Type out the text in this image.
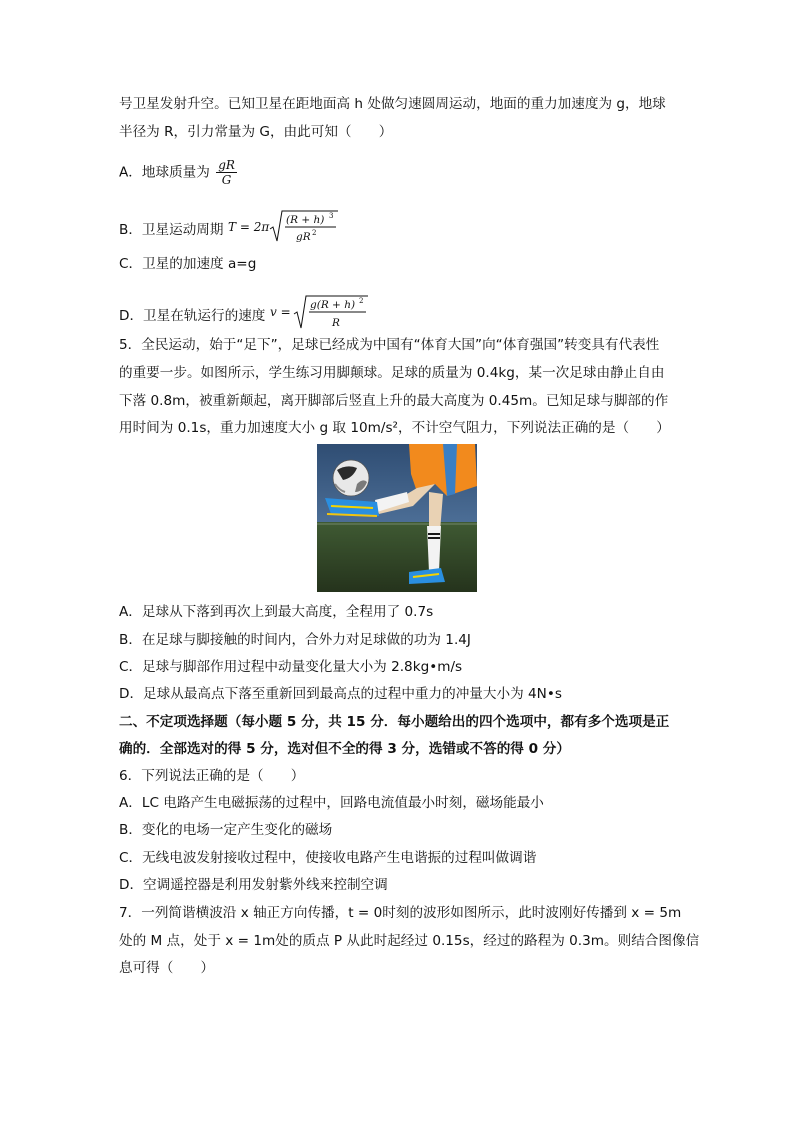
号卫星发射升空。已知卫星在距地面高 h 处做匀速圆周运动，地面的重力加速度为 g，地球
半径为 R，引力常量为 G，由此可知（　　）
A．地球质量为 $\frac{gR}{G}$
B．卫星运动周期 T = 2π (R + h) 3
gR 2
C．卫星的加速度 a=g
D．卫星在轨运行的速度 v = g(R + h) 2
R
5．全民运动，始于“足下”，足球已经成为中国有“体育大国”向“体育强国”转变具有代表性
的重要一步。如图所示，学生练习用脚颠球。足球的质量为 0.4kg，某一次足球由静止自由
下落 0.8m，被重新颠起，离开脚部后竖直上升的最大高度为 0.45m。已知足球与脚部的作
用时间为 0.1s，重力加速度大小 g 取 10m/s²，不计空气阻力，下列说法正确的是（　　）
A．足球从下落到再次上到最大高度，全程用了 0.7s
B．在足球与脚接触的时间内，合外力对足球做的功为 1.4J
C．足球与脚部作用过程中动量变化量大小为 2.8kg•m/s
D．足球从最高点下落至重新回到最高点的过程中重力的冲量大小为 4N•s
二、不定项选择题（每小题 5 分，共 15 分．每小题给出的四个选项中，都有多个选项是正
确的．全部选对的得 5 分，选对但不全的得 3 分，选错或不答的得 0 分）
6．下列说法正确的是（　　）
A．LC 电路产生电磁振荡的过程中，回路电流值最小时刻，磁场能最小
B．变化的电场一定产生变化的磁场
C．无线电波发射接收过程中，使接收电路产生电谐振的过程叫做调谐
D．空调遥控器是利用发射紫外线来控制空调
7．一列简谐横波沿 x 轴正方向传播，t = 0时刻的波形如图所示，此时波刚好传播到 x = 5m
处的 M 点，处于 x = 1m处的质点 P 从此时起经过 0.15s，经过的路程为 0.3m。则结合图像信
息可得（　　）
